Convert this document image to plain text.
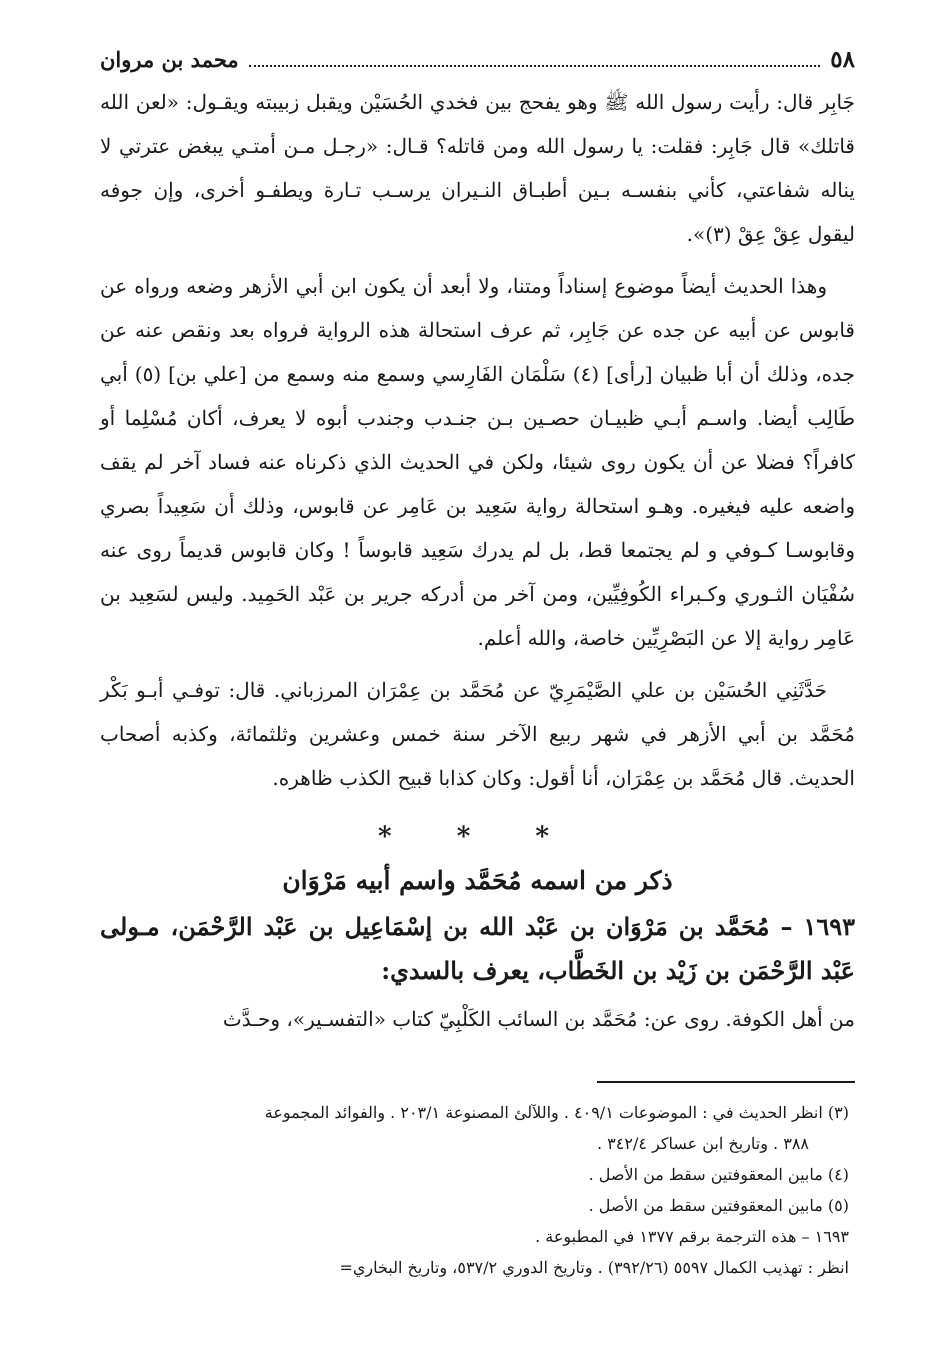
٥٨
محمد بن مروان

جَابِر قال: رأيت رسول الله ﷺ وهو يفحج بين فخدي الحُسَيْن ويقبل زبيبته ويقـول: «لعن الله قاتلك» قال جَابِر: فقلت: يا رسول الله ومن قاتله؟ قـال: «رجـل مـن أمتـي يبغض عترتي لا يناله شفاعتي، كأني بنفسـه بـين أطبـاق النـيران يرسـب تـارة ويطفـو أخرى، وإن جوفه ليقول عِقْ عِقْ (٣)».

وهذا الحديث أيضاً موضوع إسناداً ومتنا، ولا أبعد أن يكون ابن أبي الأزهر وضعه ورواه عن قابوس عن أبيه عن جده عن جَابِر، ثم عرف استحالة هذه الرواية فرواه بعد ونقص عنه عن جده، وذلك أن أبا ظبيان [رأى] (٤) سَلْمَان الفَارِسي وسمع منه وسمع من [علي بن] (٥) أبي طَالِب أيضا. واسـم أبـي ظبيـان حصـين بـن جنـدب وجندب أبوه لا يعرف، أكان مُسْلِما أو كافراً؟ فضلا عن أن يكون روى شيئا، ولكن في الحديث الذي ذكرناه عنه فساد آخر لم يقف واضعه عليه فيغيره. وهـو استحالة رواية سَعِيد بن عَامِر عن قابوس، وذلك أن سَعِيداً بصري وقابوسـا كـوفي و لم يجتمعا قط، بل لم يدرك سَعِيد قابوساً ! وكان قابوس قديماً روى عنه سُفْيَان الثـوري وكـبراء الكُوفِيِّين، ومن آخر من أدركه جرير بن عَبْد الحَمِيد. وليس لسَعِيد بن عَامِر رواية إلا عن البَصْرِيِّين خاصة، والله أعلم.

حَدَّثَنِي الحُسَيْن بن علي الصَّيْمَرِيّ عن مُحَمَّد بن عِمْرَان المرزباني. قال: توفـي أبـو بَكْر مُحَمَّد بن أبي الأزهر في شهر ربيع الآخر سنة خمس وعشرين وثلثمائة، وكذبه أصحاب الحديث. قال مُحَمَّد بن عِمْرَان، أنا أقول: وكان كذابا قبيح الكذب ظاهره.

* * *
ذكر من اسمه مُحَمَّد واسم أبيه مَرْوَان
١٦٩٣ – مُحَمَّد بن مَرْوَان بن عَبْد الله بن إسْمَاعِيل بن عَبْد الرَّحْمَن، مـولى عَبْد الرَّحْمَن بن زَيْد بن الخَطَّاب، يعرف بالسدي:

من أهل الكوفة. روى عن: مُحَمَّد بن السائب الكَلْبِيّ كتاب «التفسـير»، وحـدَّث

(٣) انظر الحديث في : الموضوعات ٤٠٩/١ . واللآلئ المصنوعة ٢٠٣/١ . والفوائد المجموعة
٣٨٨ . وتاريخ ابن عساكر ٣٤٢/٤ .
(٤) مابين المعقوفتين سقط من الأصل .
(٥) مابين المعقوفتين سقط من الأصل .
١٦٩٣ – هذه الترجمة برقم ١٣٧٧ في المطبوعة .
انظر : تهذيب الكمال ٥٥٩٧ (٣٩٢/٢٦) . وتاريخ الدوري ٥٣٧/٢، وتاريخ البخاري=
